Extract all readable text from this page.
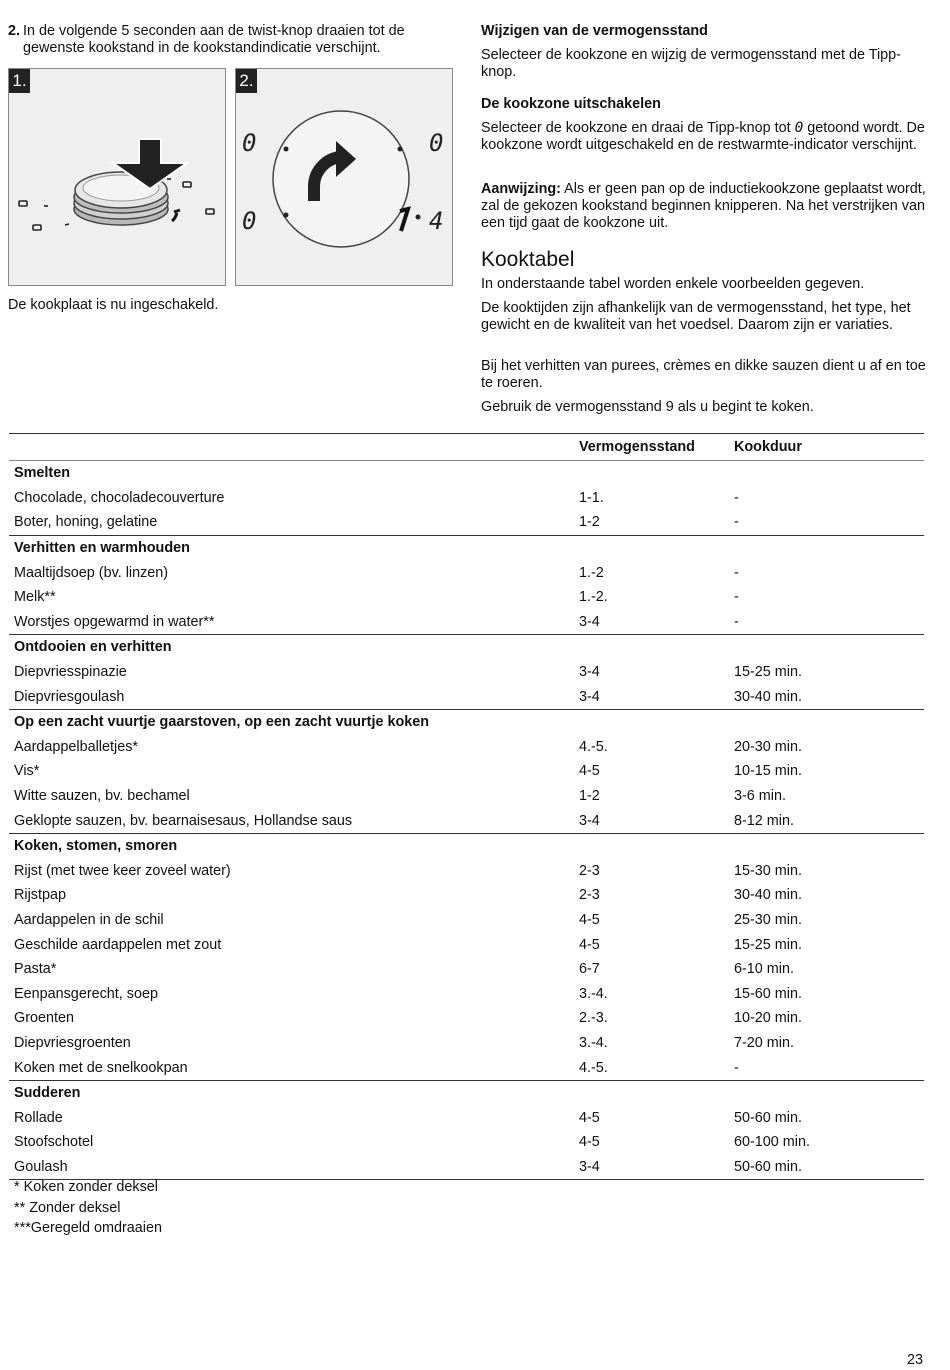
2. In de volgende 5 seconden aan de twist-knop draaien tot de gewenste kookstand in de kookstandindicatie verschijnt.
1.
0	0
0	4
2.

De kookplaat is nu ingeschakeld.

Wijzigen van de vermogensstand

Selecteer de kookzone en wijzig de vermogensstand met de Tipp-knop.

De kookzone uitschakelen

Selecteer de kookzone en draai de Tipp-knop tot 0 getoond wordt. De kookzone wordt uitgeschakeld en de restwarmte-indicator verschijnt.

Aanwijzing: Als er geen pan op de inductiekookzone geplaatst wordt, zal de gekozen kookstand beginnen knipperen. Na het verstrijken van een tijd gaat de kookzone uit.

Kooktabel

In onderstaande tabel worden enkele voorbeelden gegeven.

De kooktijden zijn afhankelijk van de vermogensstand, het type, het gewicht en de kwaliteit van het voedsel. Daarom zijn er variaties.

Bij het verhitten van purees, crèmes en dikke sauzen dient u af en toe te roeren.

Gebruik de vermogensstand 9 als u begint te koken.

	Vermogensstand	Kookduur
Smelten		
Chocolade, chocoladecouverture	1-1.	-
Boter, honing, gelatine	1-2	-
Verhitten en warmhouden		
Maaltijdsoep (bv. linzen)	1.-2	-
Melk**	1.-2.	-
Worstjes opgewarmd in water**	3-4	-
Ontdooien en verhitten		
Diepvriesspinazie	3-4	15-25 min.
Diepvriesgoulash	3-4	30-40 min.
Op een zacht vuurtje gaarstoven, op een zacht vuurtje koken		
Aardappelballetjes*	4.-5.	20-30 min.
Vis*	4-5	10-15 min.
Witte sauzen, bv. bechamel	1-2	3-6 min.
Geklopte sauzen, bv. bearnaisesaus, Hollandse saus	3-4	8-12 min.
Koken, stomen, smoren		
Rijst (met twee keer zoveel water)	2-3	15-30 min.
Rijstpap	2-3	30-40 min.
Aardappelen in de schil	4-5	25-30 min.
Geschilde aardappelen met zout	4-5	15-25 min.
Pasta*	6-7	6-10 min.
Eenpansgerecht, soep	3.-4.	15-60 min.
Groenten	2.-3.	10-20 min.
Diepvriesgroenten	3.-4.	7-20 min.
Koken met de snelkookpan	4.-5.	-
Sudderen		
Rollade	4-5	50-60 min.
Stoofschotel	4-5	60-100 min.
Goulash	3-4	50-60 min.
* Koken zonder deksel
** Zonder deksel
***Geregeld omdraaien
23
